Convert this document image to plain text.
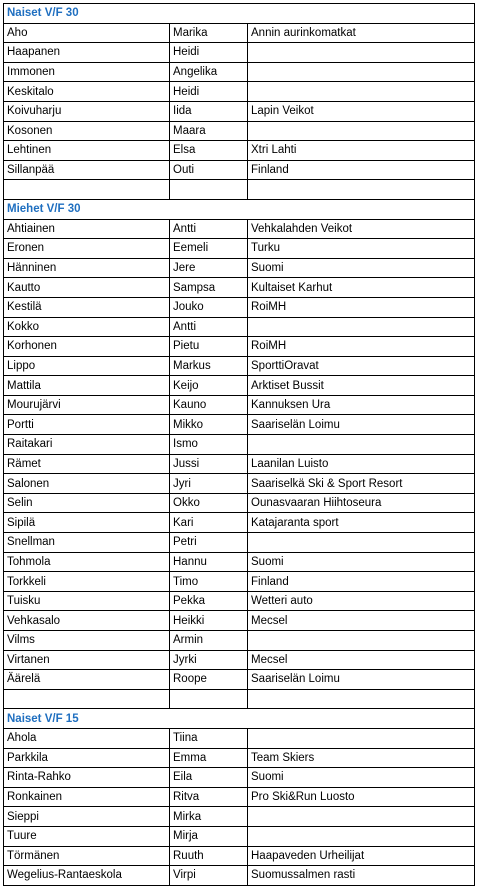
Naiset V/F 30		
Aho	Marika	Annin aurinkomatkat
Haapanen	Heidi	
Immonen	Angelika	
Keskitalo	Heidi	
Koivuharju	Iida	Lapin Veikot
Kosonen	Maara	
Lehtinen	Elsa	Xtri Lahti
Sillanpää	Outi	Finland

Miehet V/F 30		
Ahtiainen	Antti	Vehkalahden Veikot
Eronen	Eemeli	Turku
Hänninen	Jere	Suomi
Kautto	Sampsa	Kultaiset Karhut
Kestilä	Jouko	RoiMH
Kokko	Antti	
Korhonen	Pietu	RoiMH
Lippo	Markus	SporttiOravat
Mattila	Keijo	Arktiset Bussit
Mourujärvi	Kauno	Kannuksen Ura
Portti	Mikko	Saariselän Loimu
Raitakari	Ismo	
Rämet	Jussi	Laanilan Luisto
Salonen	Jyri	Saariselkä Ski & Sport Resort
Selin	Okko	Ounasvaaran Hiihtoseura
Sipilä	Kari	Katajaranta sport
Snellman	Petri	
Tohmola	Hannu	Suomi
Torkkeli	Timo	Finland
Tuisku	Pekka	Wetteri auto
Vehkasalo	Heikki	Mecsel
Vilms	Armin	
Virtanen	Jyrki	Mecsel
Äärelä	Roope	Saariselän Loimu

Naiset V/F 15		
Ahola	Tiina	
Parkkila	Emma	Team Skiers
Rinta-Rahko	Eila	Suomi
Ronkainen	Ritva	Pro Ski&Run Luosto
Sieppi	Mirka	
Tuure	Mirja	
Törmänen	Ruuth	Haapaveden Urheilijat
Wegelius-Rantaeskola	Virpi	Suomussalmen rasti
